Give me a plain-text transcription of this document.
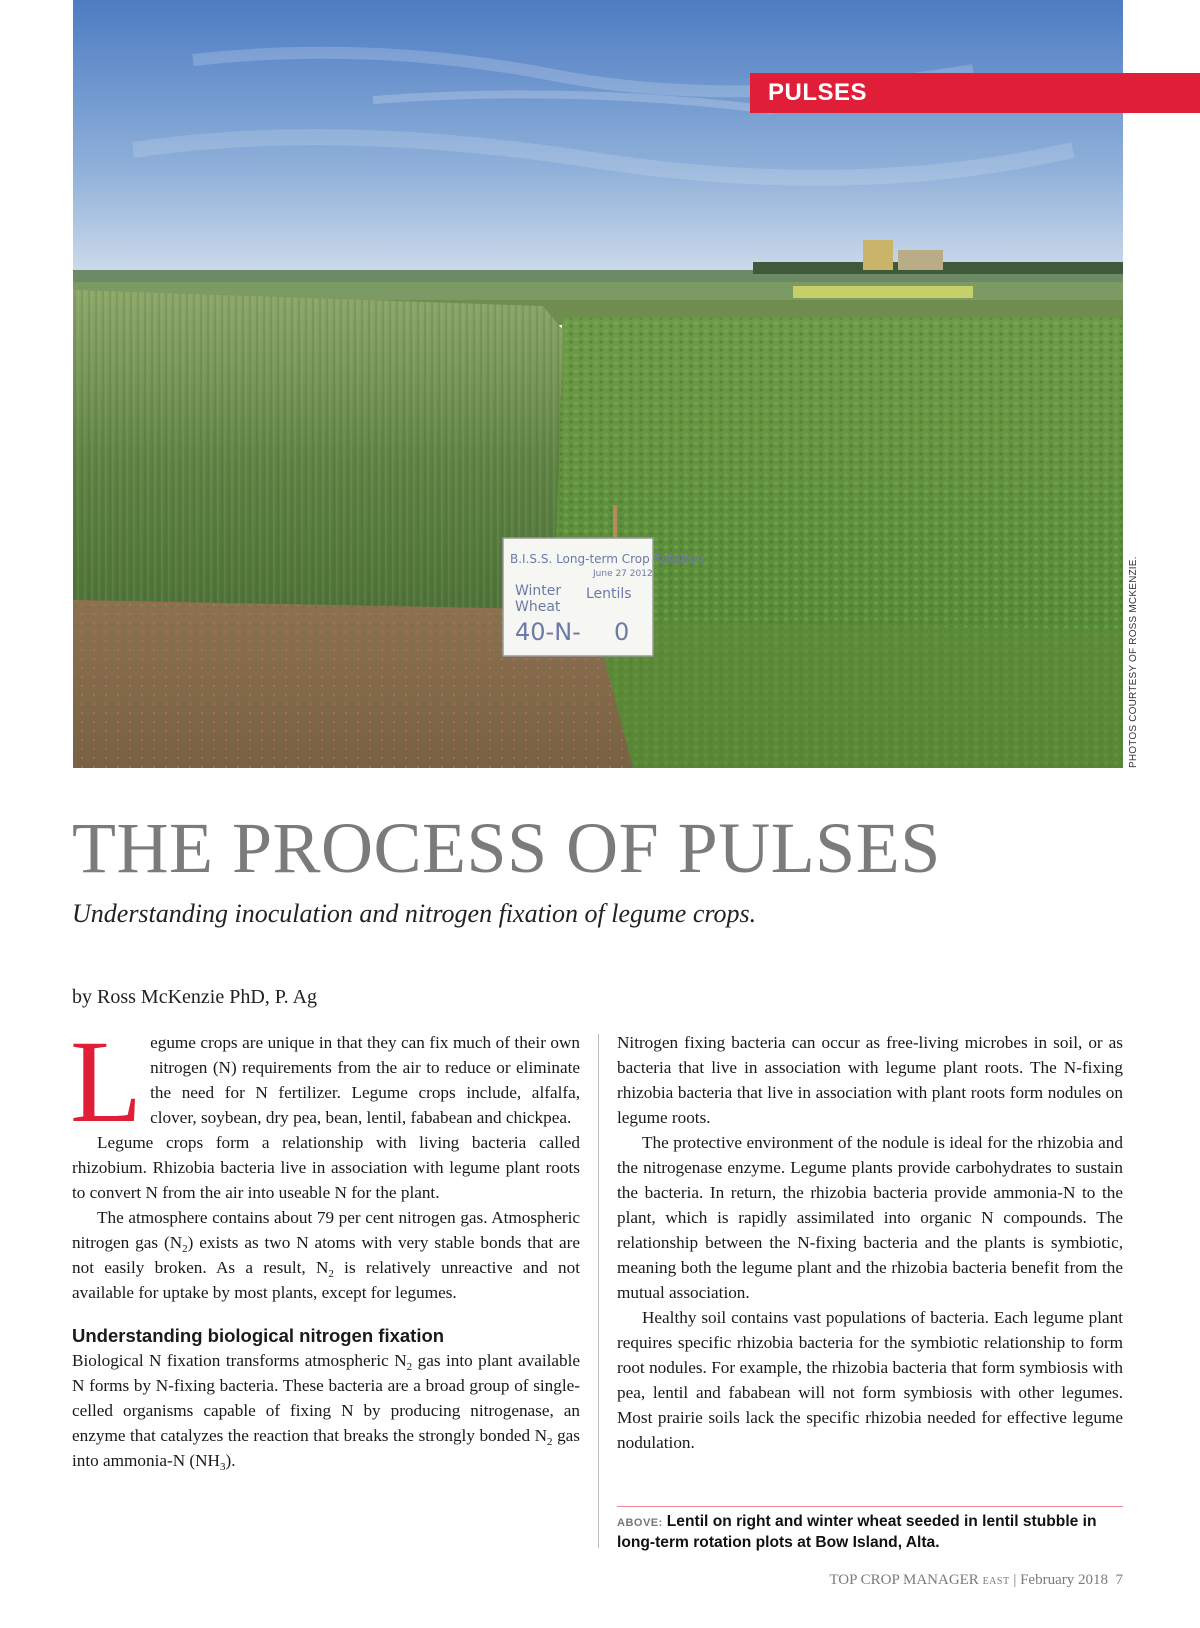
B.I.S.S. Long-term Crop Rotation
June 27 2012
Winter
Wheat
Lentils
40-N- 0
PULSES
PHOTOS COURTESY OF ROSS MCKENZIE.
THE PROCESS OF PULSES

Understanding inoculation and nitrogen fixation of legume crops.

by Ross McKenzie PhD, P. Ag

Legume crops are unique in that they can fix much of their own nitrogen (N) requirements from the air to reduce or eliminate the need for N fertilizer. Legume crops include, alfalfa, clover, soybean, dry pea, bean, lentil, fababean and chickpea.

Legume crops form a relationship with living bacteria called rhizobium. Rhizobia bacteria live in association with legume plant roots to convert N from the air into useable N for the plant.

The atmosphere contains about 79 per cent nitrogen gas. Atmospheric nitrogen gas $(N_2)$ exists as two N atoms with very stable bonds that are not easily broken. As a result, $N_2$ is relatively unreactive and not available for uptake by most plants, except for legumes.

Understanding biological nitrogen fixation

Biological N fixation transforms atmospheric $N_2$ gas into plant available N forms by N-fixing bacteria. These bacteria are a broad group of single-celled organisms capable of fixing N by producing nitrogenase, an enzyme that catalyzes the reaction that breaks the strongly bonded $N_2$ gas into ammonia-N $(NH_3)$.

Nitrogen fixing bacteria can occur as free-living microbes in soil, or as bacteria that live in association with legume plant roots. The N-fixing rhizobia bacteria that live in association with plant roots form nodules on legume roots.

The protective environment of the nodule is ideal for the rhizobia and the nitrogenase enzyme. Legume plants provide carbohydrates to sustain the bacteria. In return, the rhizobia bacteria provide ammonia-N to the plant, which is rapidly assimilated into organic N compounds. The relationship between the N-fixing bacteria and the plants is symbiotic, meaning both the legume plant and the rhizobia bacteria benefit from the mutual association.

Healthy soil contains vast populations of bacteria. Each legume plant requires specific rhizobia bacteria for the symbiotic relationship to form root nodules. For example, the rhizobia bacteria that form symbiosis with pea, lentil and fababean will not form symbiosis with other legumes. Most prairie soils lack the specific rhizobia needed for effective legume nodulation.

ABOVE: Lentil on right and winter wheat seeded in lentil stubble in long-term rotation plots at Bow Island, Alta.

TOP CROP MANAGER EAST | February 2018 7
